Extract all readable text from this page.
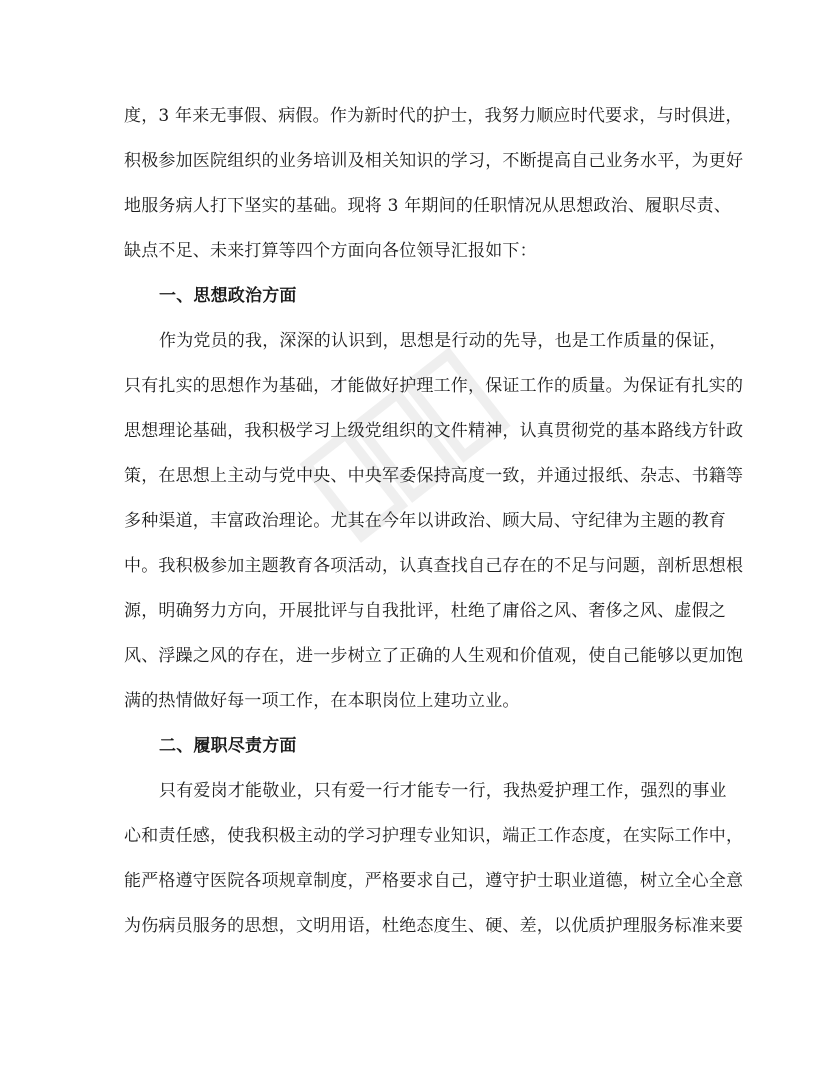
度，3 年来无事假、病假。作为新时代的护士，我努力顺应时代要求，与时俱进，
积极参加医院组织的业务培训及相关知识的学习，不断提高自己业务水平，为更好
地服务病人打下坚实的基础。现将 3 年期间的任职情况从思想政治、履职尽责、
缺点不足、未来打算等四个方面向各位领导汇报如下：
一、思想政治方面
作为党员的我，深深的认识到，思想是行动的先导，也是工作质量的保证，
只有扎实的思想作为基础，才能做好护理工作，保证工作的质量。为保证有扎实的
思想理论基础，我积极学习上级党组织的文件精神，认真贯彻党的基本路线方针政
策，在思想上主动与党中央、中央军委保持高度一致，并通过报纸、杂志、书籍等
多种渠道，丰富政治理论。尤其在今年以讲政治、顾大局、守纪律为主题的教育
中。我积极参加主题教育各项活动，认真查找自己存在的不足与问题，剖析思想根
源，明确努力方向，开展批评与自我批评，杜绝了庸俗之风、奢侈之风、虚假之
风、浮躁之风的存在，进一步树立了正确的人生观和价值观，使自己能够以更加饱
满的热情做好每一项工作，在本职岗位上建功立业。
二、履职尽责方面
只有爱岗才能敬业，只有爱一行才能专一行，我热爱护理工作，强烈的事业
心和责任感，使我积极主动的学习护理专业知识，端正工作态度，在实际工作中，
能严格遵守医院各项规章制度，严格要求自己，遵守护士职业道德，树立全心全意
为伤病员服务的思想，文明用语，杜绝态度生、硬、差，以优质护理服务标准来要
